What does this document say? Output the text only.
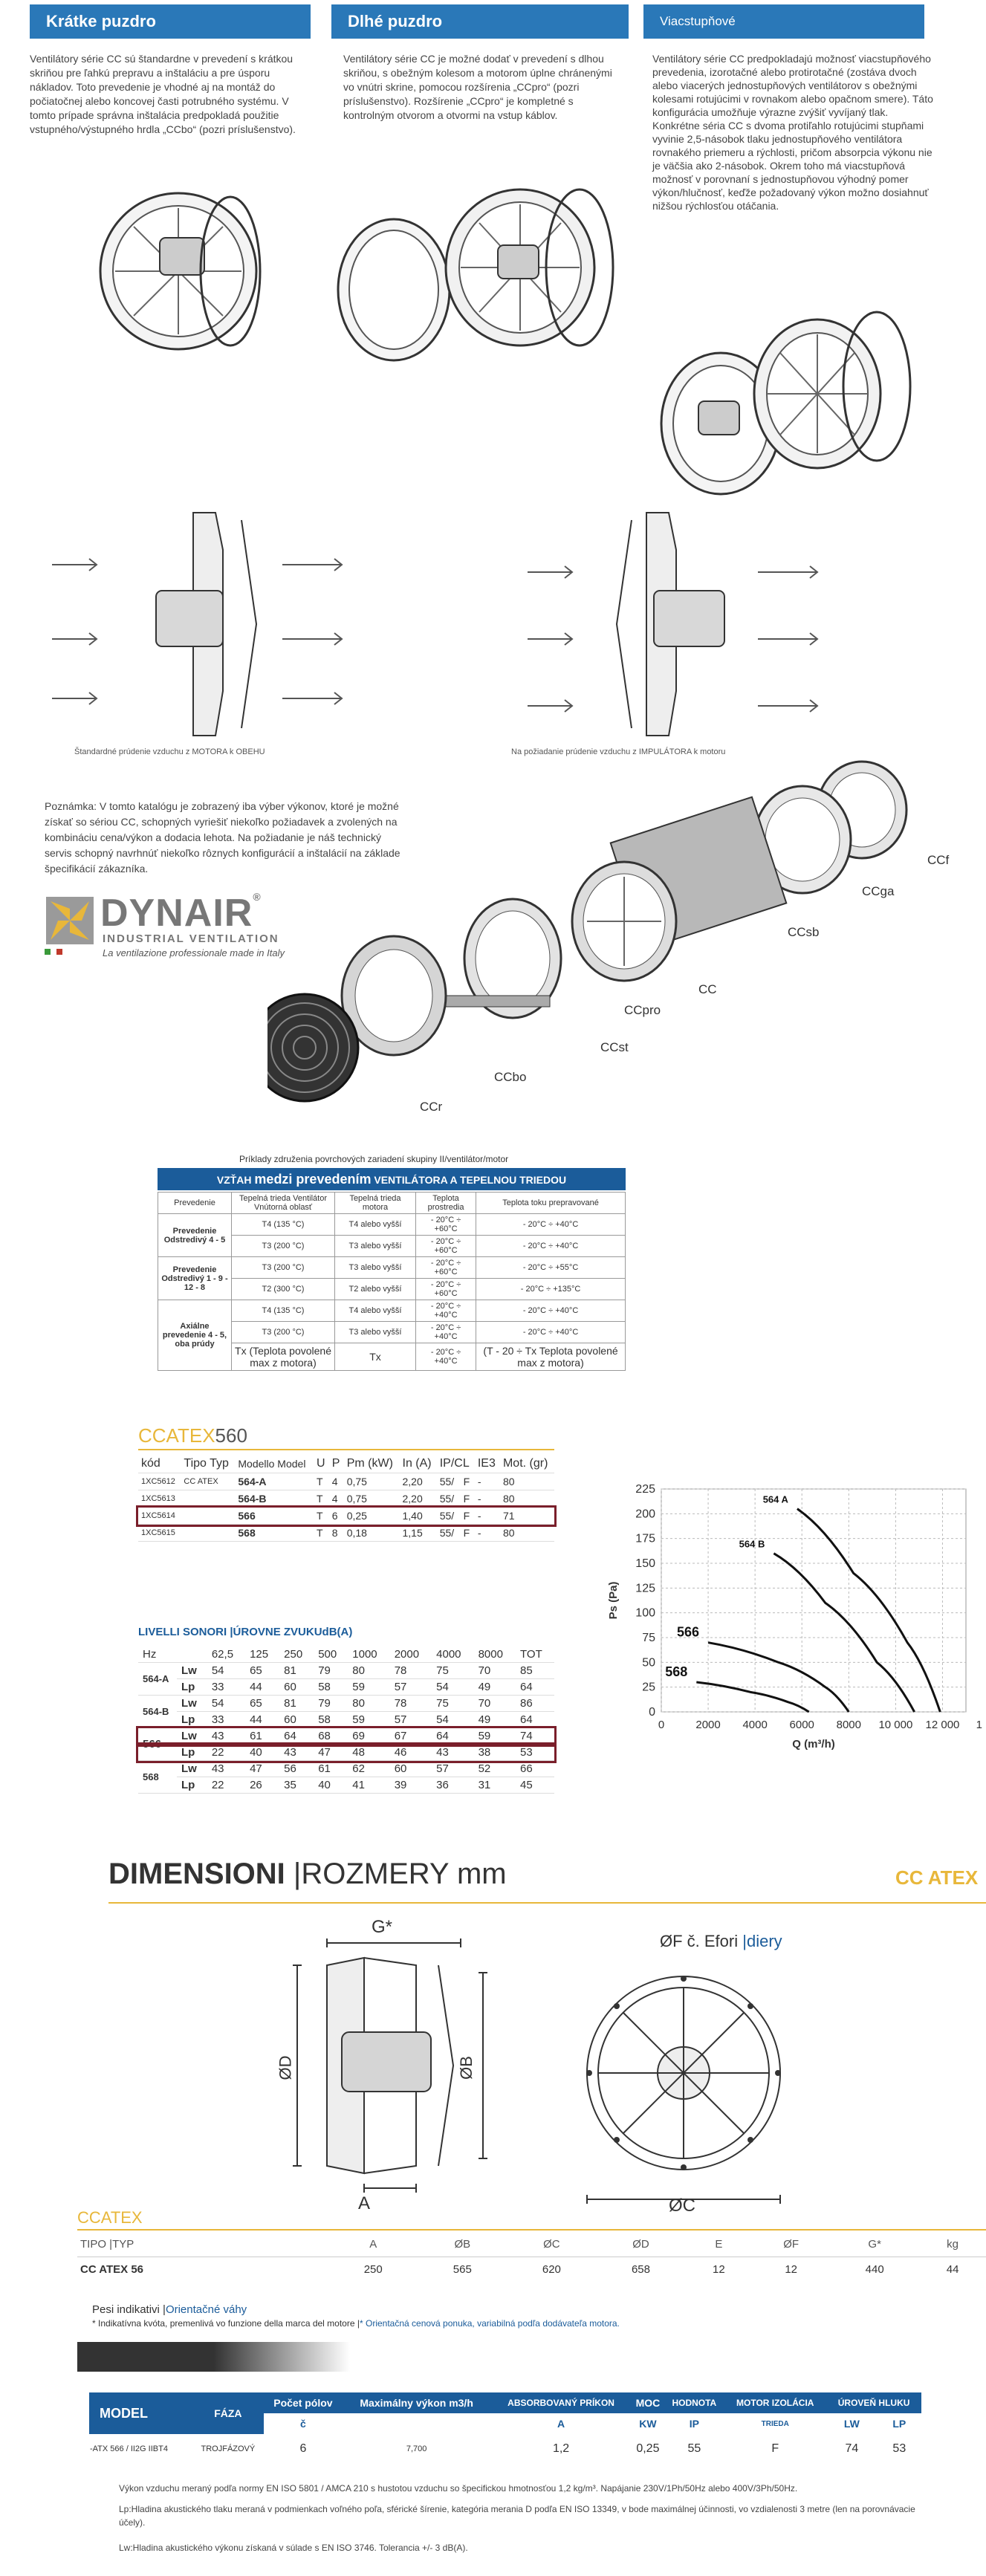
Krátke puzdro	Dlhé puzdro	Viacstupňové
Ventilátory série CC sú štandardne v prevedení s krátkou skriňou pre ľahkú prepravu a inštaláciu a pre úsporu nákladov. Toto prevedenie je vhodné aj na montáž do počiatočnej alebo koncovej časti potrubného systému. V tomto prípade správna inštalácia predpokladá použitie vstupného/výstupného hrdla „CCbo“ (pozri príslušenstvo).
Ventilátory série CC je možné dodať v prevedení s dlhou skriňou, s obežným kolesom a motorom úplne chránenými vo vnútri skrine, pomocou rozšírenia „CCpro“ (pozri príslušenstvo). Rozšírenie „CCpro“ je kompletné s kontrolným otvorom a otvormi na vstup káblov.
Ventilátory série CC predpokladajú možnosť viacstupňového prevedenia, izorotačné alebo protirotačné (zostáva dvoch alebo viacerých jednostupňových ventilátorov s obežnými kolesami rotujúcimi v rovnakom alebo opačnom smere). Táto konfigurácia umožňuje výrazne zvýšiť vyvíjaný tlak. Konkrétne séria CC s dvoma protiľahlo rotujúcimi stupňami vyvinie 2,5-násobok tlaku jednostupňového ventilátora rovnakého priemeru a rýchlosti, pričom absorpcia výkonu nie je väčšia ako 2-násobok. Okrem toho má viacstupňová možnosť v porovnaní s jednostupňovou výhodný pomer výkon/hlučnosť, keďže požadovaný výkon možno dosiahnuť nižšou rýchlosťou otáčania.
Štandardné prúdenie vzduchu z MOTORA k OBEHU	Na požiadanie prúdenie vzduchu z IMPULÁTORA k motoru
Poznámka: V tomto katalógu je zobrazený iba výber výkonov, ktoré je možné získať so sériou CC, schopných vyriešiť niekoľko požiadavek a zvolených na kombináciu cena/výkon a dodacia lehota. Na požiadanie je náš technický servis schopný navrhnúť niekoľko rôznych konfigurácií a inštalácií na základe špecifikácií zákazníka.
DYNAIR®
INDUSTRIAL VENTILATION
La ventilazione professionale made in Italy
CCf
CCga
CCsb
CC
CCpro
CCst
CCbo
CCr
Príklady združenia povrchových zariadení skupiny II/ventilátor/motor
VZŤAH medzi prevedením VENTILÁTORA A TEPELNOU TRIEDOU
Prevedenie	Tepelná trieda Ventilátor Vnútorná oblasť	Tepelná trieda motora	Teplota prostredia	Teplota toku prepravované
Prevedenie Odstredivý 4 - 5	T4 (135 °C)	T4 alebo vyšší	- 20°C ÷ +60°C	- 20°C ÷ +40°C
	T3 (200 °C)	T3 alebo vyšší	- 20°C ÷ +60°C	- 20°C ÷ +40°C
Prevedenie Odstredivý 1 - 9 - 12 - 8	T3 (200 °C)	T3 alebo vyšší	- 20°C ÷ +60°C	- 20°C ÷ +55°C
	T2 (300 °C)	T2 alebo vyšší	- 20°C ÷ +60°C	- 20°C ÷ +135°C
Axiálne prevedenie 4 - 5, oba prúdy	T4 (135 °C)	T4 alebo vyšší	- 20°C ÷ +40°C	- 20°C ÷ +40°C
	T3 (200 °C)	T3 alebo vyšší	- 20°C ÷ +40°C	- 20°C ÷ +40°C
	Tx (Teplota povolené max z motora)	Tx	- 20°C ÷ +40°C	(T - 20 ÷ Tx Teplota povolené max z motora)
CCATEX560
kód	Tipo Typ	Modello Model	U	P	Pm (kW)	In (A)	IP/CL		IE3	Mot. (gr)
1XC5612	CC ATEX	564-A	T	4	0,75	2,20	55/	F	-	80
1XC5613		564-B	T	4	0,75	2,20	55/	F	-	80
1XC5614		566	T	6	0,25	1,40	55/	F	-	71
1XC5615		568	T	8	0,18	1,15	55/	F	-	80
LIVELLI SONORI |ÚROVNE ZVUKUdB(A)
Hz		62,5	125	250	500	1000	2000	4000	8000	TOT
564-A	Lw	54	65	81	79	80	78	75	70	85
	Lp	33	44	60	58	59	57	54	49	64
564-B	Lw	54	65	81	79	80	78	75	70	86
	Lp	33	44	60	58	59	57	54	49	64
566	Lw	43	61	64	68	69	67	64	59	74
	Lp	22	40	43	47	48	46	43	38	53
568	Lw	43	47	56	61	62	60	57	52	66
	Lp	22	26	35	40	41	39	36	31	45
225
200
175
150
125
100
75
50
25
0
0	2000 4000 6000 8000 10 000 12 000 1
Q (m³/h)
Ps (Pa)
564 A
564 B
566
568
DIMENSIONI |ROZMERY mm	CC ATEX
G*
A
ØD	ØB
ØF č. Efori |diery
ØC
CCATEX
TIPO |TYP	A	ØB	ØC	ØD	E	ØF	G*	kg
CC ATEX 56	250	565	620	658	12	12	440	44
Pesi indikativi |Orientačné váhy
* Indikatívna kvóta, premenlivá vo funzione della marca del motore |* Orientačná cenová ponuka, variabilná podľa dodávateľa motora.
MODEL	FÁZA	Počet pólov	Maximálny výkon m3/h	ABSORBOVANÝ PRÍKON	MOC	HODNOTA	MOTOR IZOLÁCIA	ÚROVEŇ HLUKU	
		č		A	KW	IP	TRIEDA	LW	LP
-ATX 566 / II2G IIBT4	TROJFÁZOVÝ	6	7,700	1,2	0,25	55	F	74	53
Výkon vzduchu meraný podľa normy EN ISO 5801 / AMCA 210 s hustotou vzduchu so špecifickou hmotnosťou 1,2 kg/m³. Napájanie 230V/1Ph/50Hz alebo 400V/3Ph/50Hz.
Lp:Hladina akustického tlaku meraná v podmienkach voľného poľa, sférické šírenie, kategória merania D podľa EN ISO 13349, v bode maximálnej účinnosti, vo vzdialenosti 3 metre (len na porovnávacie účely).
Lw:Hladina akustického výkonu získaná v súlade s EN ISO 3746. Tolerancia +/- 3 dB(A).
